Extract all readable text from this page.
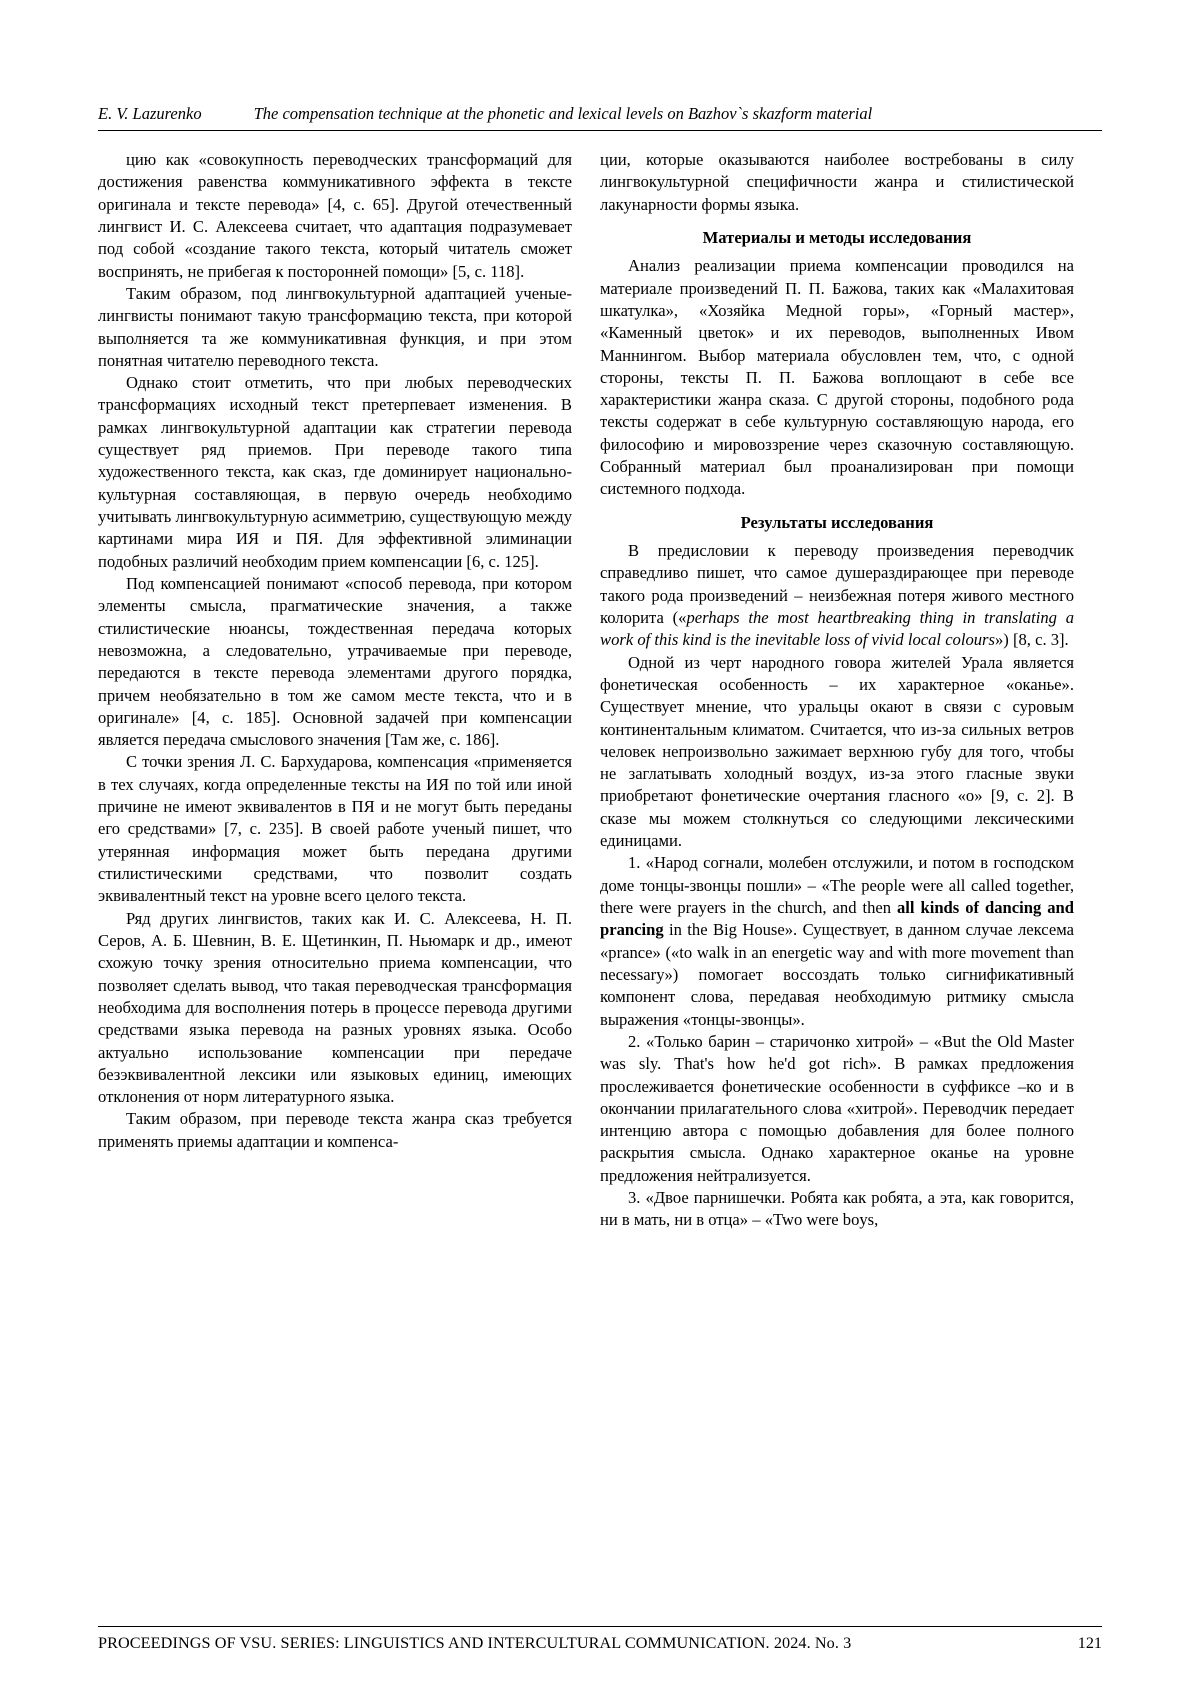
E. V. Lazurenko	The compensation technique at the phonetic and lexical levels on Bazhov`s skazform material

цию как «совокупность переводческих трансформаций для достижения равенства коммуникативного эффекта в тексте оригинала и тексте перевода» [4, с. 65]. Другой отечественный лингвист И. С. Алексеева считает, что адаптация подразумевает под собой «создание такого текста, который читатель сможет воспринять, не прибегая к посторонней помощи» [5, с. 118].

Таким образом, под лингвокультурной адаптацией ученые-лингвисты понимают такую трансформацию текста, при которой выполняется та же коммуникативная функция, и при этом понятная читателю переводного текста.

Однако стоит отметить, что при любых переводческих трансформациях исходный текст претерпевает изменения. В рамках лингвокультурной адаптации как стратегии перевода существует ряд приемов. При переводе такого типа художественного текста, как сказ, где доминирует национально-культурная составляющая, в первую очередь необходимо учитывать лингвокультурную асимметрию, существующую между картинами мира ИЯ и ПЯ. Для эффективной элиминации подобных различий необходим прием компенсации [6, с. 125].

Под компенсацией понимают «способ перевода, при котором элементы смысла, прагматические значения, а также стилистические нюансы, тождественная передача которых невозможна, а следовательно, утрачиваемые при переводе, передаются в тексте перевода элементами другого порядка, причем необязательно в том же самом месте текста, что и в оригинале» [4, с. 185]. Основной задачей при компенсации является передача смыслового значения [Там же, с. 186].

С точки зрения Л. С. Бархударова, компенсация «применяется в тех случаях, когда определенные тексты на ИЯ по той или иной причине не имеют эквивалентов в ПЯ и не могут быть переданы его средствами» [7, с. 235]. В своей работе ученый пишет, что утерянная информация может быть передана другими стилистическими средствами, что позволит создать эквивалентный текст на уровне всего целого текста.

Ряд других лингвистов, таких как И. С. Алексеева, Н. П. Серов, А. Б. Шевнин, В. Е. Щетинкин, П. Ньюмарк и др., имеют схожую точку зрения относительно приема компенсации, что позволяет сделать вывод, что такая переводческая трансформация необходима для восполнения потерь в процессе перевода другими средствами языка перевода на разных уровнях языка. Особо актуально использование компенсации при передаче безэквивалентной лексики или языковых единиц, имеющих отклонения от норм литературного языка.

Таким образом, при переводе текста жанра сказ требуется применять приемы адаптации и компенса-

ции, которые оказываются наиболее востребованы в силу лингвокультурной специфичности жанра и стилистической лакунарности формы языка.

Материалы и методы исследования

Анализ реализации приема компенсации проводился на материале произведений П. П. Бажова, таких как «Малахитовая шкатулка», «Хозяйка Медной горы», «Горный мастер», «Каменный цветок» и их переводов, выполненных Ивом Маннингом. Выбор материала обусловлен тем, что, с одной стороны, тексты П. П. Бажова воплощают в себе все характеристики жанра сказа. С другой стороны, подобного рода тексты содержат в себе культурную составляющую народа, его философию и мировоззрение через сказочную составляющую. Собранный материал был проанализирован при помощи системного подхода.

Результаты исследования

В предисловии к переводу произведения переводчик справедливо пишет, что самое душераздирающее при переводе такого рода произведений – неизбежная потеря живого местного колорита («perhaps the most heartbreaking thing in translating a work of this kind is the inevitable loss of vivid local colours») [8, с. 3].

Одной из черт народного говора жителей Урала является фонетическая особенность – их характерное «оканье». Существует мнение, что уральцы окают в связи с суровым континентальным климатом. Считается, что из-за сильных ветров человек непроизвольно зажимает верхнюю губу для того, чтобы не заглатывать холодный воздух, из-за этого гласные звуки приобретают фонетические очертания гласного «о» [9, с. 2]. В сказе мы можем столкнуться со следующими лексическими единицами.

1. «Народ согнали, молебен отслужили, и потом в господском доме тонцы-звонцы пошли» – «The people were all called together, there were prayers in the church, and then all kinds of dancing and prancing in the Big House». Существует, в данном случае лексема «prance» («to walk in an energetic way and with more movement than necessary») помогает воссоздать только сигнификативный компонент слова, передавая необходимую ритмику смысла выражения «тонцы-звонцы».

2. «Только барин – старичонко хитрой» – «But the Old Master was sly. That's how he'd got rich». В рамках предложения прослеживается фонетические особенности в суффиксе –ко и в окончании прилагательного слова «хитрой». Переводчик передает интенцию автора с помощью добавления для более полного раскрытия смысла. Однако характерное оканье на уровне предложения нейтрализуется.

3. «Двое парнишечки. Робята как робята, а эта, как говорится, ни в мать, ни в отца» – «Two were boys,

PROCEEDINGS OF VSU. SERIES: LINGUISTICS AND INTERCULTURAL COMMUNICATION. 2024. No. 3	121
